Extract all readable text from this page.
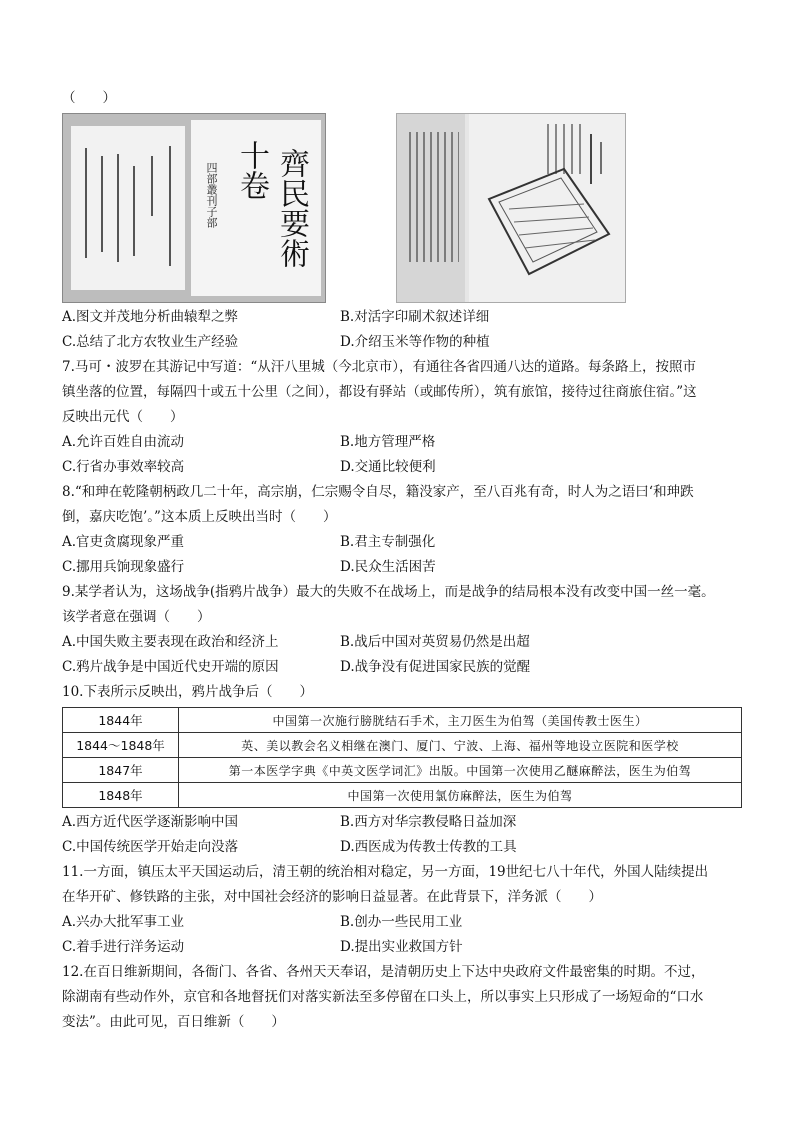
（　　）
四部叢刊子部 齊民要術
十卷
A.图文并茂地分析曲辕犁之弊	B.对活字印刷术叙述详细
C.总结了北方农牧业生产经验	D.介绍玉米等作物的种植
7.马可・波罗在其游记中写道：“从汗八里城（今北京市），有通往各省四通八达的道路。每条路上，按照市
镇坐落的位置，每隔四十或五十公里（之间），都设有驿站（或邮传所），筑有旅馆，接待过往商旅住宿。”这
反映出元代（　　）
A.允许百姓自由流动	B.地方管理严格
C.行省办事效率较高	D.交通比较便利
8.“和珅在乾隆朝柄政几二十年，高宗崩，仁宗赐令自尽，籍没家产，至八百兆有奇，时人为之语曰‘和珅跌
倒，嘉庆吃饱’。”这本质上反映出当时（　　）
A.官吏贪腐现象严重	B.君主专制强化
C.挪用兵饷现象盛行	D.民众生活困苦
9.某学者认为，这场战争(指鸦片战争）最大的失败不在战场上，而是战争的结局根本没有改变中国一丝一毫。
该学者意在强调（　　）
A.中国失败主要表现在政治和经济上	B.战后中国对英贸易仍然是出超
C.鸦片战争是中国近代史开端的原因	D.战争没有促进国家民族的觉醒
10.下表所示反映出，鸦片战争后（　　）
1844年	中国第一次施行膀胱结石手术，主刀医生为伯驾（美国传教士医生）
1844～1848年	英、美以教会名义相继在澳门、厦门、宁波、上海、福州等地设立医院和医学校
1847年	第一本医学字典《中英文医学词汇》出版。中国第一次使用乙醚麻醉法，医生为伯驾
1848年	中国第一次使用氯仿麻醉法，医生为伯驾
A.西方近代医学逐渐影响中国	B.西方对华宗教侵略日益加深
C.中国传统医学开始走向没落	D.西医成为传教士传教的工具
11.一方面，镇压太平天国运动后，清王朝的统治相对稳定，另一方面，19世纪七八十年代，外国人陆续提出
在华开矿、修铁路的主张，对中国社会经济的影响日益显著。在此背景下，洋务派（　　）
A.兴办大批军事工业	B.创办一些民用工业
C.着手进行洋务运动	D.提出实业救国方针
12.在百日维新期间，各衙门、各省、各州天天奉诏，是清朝历史上下达中央政府文件最密集的时期。不过，
除湖南有些动作外，京官和各地督抚们对落实新法至多停留在口头上，所以事实上只形成了一场短命的“口水
变法”。由此可见，百日维新（　　）
